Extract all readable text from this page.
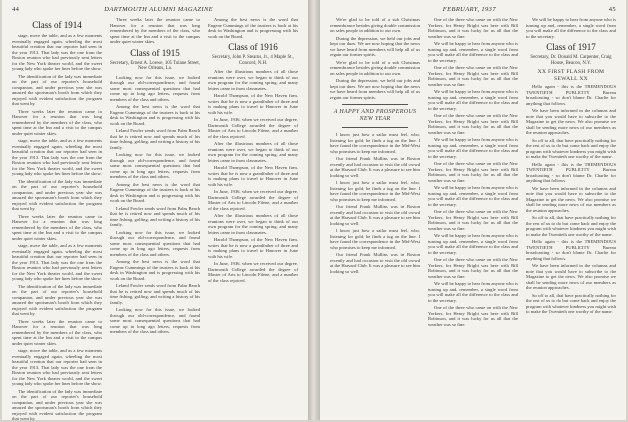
44	DARTMOUTH ALUMNI MAGAZINE
Class of 1914

stage, move the table, and as a few moments eventually engaged again, wheeling the most beautiful creation that our reporter had seen in the year 1913. That lady was the one from the Boston reunion who had previously sent letters for the New York theater world, and the sweet young lady who spoke her lines before the show.

The identification of the lady was immediate on the part of our reporter's household companion, and under previous year she was amazed the sportsman's booth from which they enjoyed with evident satisfaction the program that went by.

Three weeks later the reunion came to Hanover for a reunion that was long remembered by the members of the class, who spent time at the Inn and a visit to the campus under quiet winter skies.

stage, move the table, and as a few moments eventually engaged again, wheeling the most beautiful creation that our reporter had seen in the year 1913. That lady was the one from the Boston reunion who had previously sent letters for the New York theater world, and the sweet young lady who spoke her lines before the show.

The identification of the lady was immediate on the part of our reporter's household companion, and under previous year she was amazed the sportsman's booth from which they enjoyed with evident satisfaction the program that went by.

Three weeks later the reunion came to Hanover for a reunion that was long remembered by the members of the class, who spent time at the Inn and a visit to the campus under quiet winter skies.

stage, move the table, and as a few moments eventually engaged again, wheeling the most beautiful creation that our reporter had seen in the year 1913. That lady was the one from the Boston reunion who had previously sent letters for the New York theater world, and the sweet young lady who spoke her lines before the show.

The identification of the lady was immediate on the part of our reporter's household companion, and under previous year she was amazed the sportsman's booth from which they enjoyed with evident satisfaction the program that went by.

Three weeks later the reunion came to Hanover for a reunion that was long remembered by the members of the class, who spent time at the Inn and a visit to the campus under quiet winter skies.

stage, move the table, and as a few moments eventually engaged again, wheeling the most beautiful creation that our reporter had seen in the year 1913. That lady was the one from the Boston reunion who had previously sent letters for the New York theater world, and the sweet young lady who spoke her lines before the show.

The identification of the lady was immediate on the part of our reporter's household companion, and under previous year she was amazed the sportsman's booth from which they enjoyed with evident satisfaction the program that went by.

Three weeks later the reunion came to Hanover for a reunion that was long remembered by the members of the class, who spent time at the Inn and a visit to the campus under quiet winter skies.

Class of 1915
Secretary, Ernest A. Loewe, 105 Tulane Street, New Orleans, La.

Looking now for this issue, we looked through our old-correspondence, and found some most consequential questions that had come up in long ago letters, requests from members of the class and others.

Among the best news is the word that Eugene Cummings of the trustees is back at his desk in Washington and is progressing with his work on the Board.

Leland Fowler sends word from Palm Beach that he is retired now and spends much of his time fishing, golfing, and writing a history of his family.

Looking now for this issue, we looked through our old-correspondence, and found some most consequential questions that had come up in long ago letters, requests from members of the class and others.

Among the best news is the word that Eugene Cummings of the trustees is back at his desk in Washington and is progressing with his work on the Board.

Leland Fowler sends word from Palm Beach that he is retired now and spends much of his time fishing, golfing, and writing a history of his family.

Looking now for this issue, we looked through our old-correspondence, and found some most consequential questions that had come up in long ago letters, requests from members of the class and others.

Among the best news is the word that Eugene Cummings of the trustees is back at his desk in Washington and is progressing with his work on the Board.

Leland Fowler sends word from Palm Beach that he is retired now and spends much of his time fishing, golfing, and writing a history of his family.

Looking now for this issue, we looked through our old-correspondence, and found some most consequential questions that had come up in long ago letters, requests from members of the class and others.

Among the best news is the word that Eugene Cummings of the trustees is back at his desk in Washington and is progressing with his work on the Board.

Class of 1916
Secretary, John P. Stearns, Jr., 4 Maple St., Concord, N.H.

After the illustrious numbers of all those reunions were over, we began to think of our own program for the coming spring, and many letters came in from classmates.

Harold Thompson, of the New Haven firm, writes that he is now a grandfather of three and is making plans to travel to Hanover in June with his wife.

In June, 1936, when we received our degree, Dartmouth College awarded the degree of Master of Arts to Lincoln Filene, and a number of the class rejoiced.

After the illustrious numbers of all those reunions were over, we began to think of our own program for the coming spring, and many letters came in from classmates.

Harold Thompson, of the New Haven firm, writes that he is now a grandfather of three and is making plans to travel to Hanover in June with his wife.

In June, 1936, when we received our degree, Dartmouth College awarded the degree of Master of Arts to Lincoln Filene, and a number of the class rejoiced.

After the illustrious numbers of all those reunions were over, we began to think of our own program for the coming spring, and many letters came in from classmates.

Harold Thompson, of the New Haven firm, writes that he is now a grandfather of three and is making plans to travel to Hanover in June with his wife.

In June, 1936, when we received our degree, Dartmouth College awarded the degree of Master of Arts to Lincoln Filene, and a number of the class rejoiced.

FEBRUARY, 1937	45

We're glad to be told of a sub Christmas remembrance besides giving double commission on sales people in addition to our own.

During the depression, we held our jobs and kept our dues. We are now hoping that the news we have heard from members will help all of us regain our former spirits.

We're glad to be told of a sub Christmas remembrance besides giving double commission on sales people in addition to our own.

During the depression, we held our jobs and kept our dues. We are now hoping that the news we have heard from members will help all of us regain our former spirits.

A HAPPY AND PROSPEROUS NEW YEAR

I know just how a sailor must feel, who, listening for gold, he finds a tug on the line. I have found the correspondence in the Mid-West who promises to keep me informed.

Our friend Frank Mullins was in Boston recently and had occasion to visit the old crowd at the Harvard Club. It was a pleasure to see him looking so well.

I know just how a sailor must feel, who, listening for gold, he finds a tug on the line. I have found the correspondence in the Mid-West who promises to keep me informed.

Our friend Frank Mullins was in Boston recently and had occasion to visit the old crowd at the Harvard Club. It was a pleasure to see him looking so well.

I know just how a sailor must feel, who, listening for gold, he finds a tug on the line. I have found the correspondence in the Mid-West who promises to keep me informed.

Our friend Frank Mullins was in Boston recently and had occasion to visit the old crowd at the Harvard Club. It was a pleasure to see him looking so well.

One of the three who came on with the New Yorkers, for Henry Bright was here with Bill Robinson, and it was lucky for us all that the weather was so fine.

We will be happy to hear from anyone who is turning up and, remember, a single word from you will make all the difference to the class and to the secretary.

One of the three who came on with the New Yorkers, for Henry Bright was here with Bill Robinson, and it was lucky for us all that the weather was so fine.

We will be happy to hear from anyone who is turning up and, remember, a single word from you will make all the difference to the class and to the secretary.

One of the three who came on with the New Yorkers, for Henry Bright was here with Bill Robinson, and it was lucky for us all that the weather was so fine.

We will be happy to hear from anyone who is turning up and, remember, a single word from you will make all the difference to the class and to the secretary.

One of the three who came on with the New Yorkers, for Henry Bright was here with Bill Robinson, and it was lucky for us all that the weather was so fine.

We will be happy to hear from anyone who is turning up and, remember, a single word from you will make all the difference to the class and to the secretary.

One of the three who came on with the New Yorkers, for Henry Bright was here with Bill Robinson, and it was lucky for us all that the weather was so fine.

We will be happy to hear from anyone who is turning up and, remember, a single word from you will make all the difference to the class and to the secretary.

One of the three who came on with the New Yorkers, for Henry Bright was here with Bill Robinson, and it was lucky for us all that the weather was so fine.

We will be happy to hear from anyone who is turning up and, remember, a single word from you will make all the difference to the class and to the secretary.

One of the three who came on with the New Yorkers, for Henry Bright was here with Bill Robinson, and it was lucky for us all that the weather was so fine.

We will be happy to hear from anyone who is turning up and, remember, a single word from you will make all the difference to the class and to the secretary.

Class of 1917
Secretary, Dr. Donald M. Carpenter, Craig House, Beacon, N.Y.
XX FIRST FLASH FROM SEWALL XX

Hello again - this is the TREMENDOUS TWENTIETH PUBLICITY Bureau broadcasting - so don't blame Dr. Charlie for anything that follows.

We have been informed in the columns and note that you would have to subscribe to the Magazine to get the news. We also promise we shall be sending more news of our members as the reunion approaches.

So off to all, that have practically nothing for the rest of us to do but come back and enjoy the program with whatever kindness you might wish to make the Twentieth one worthy of the name.

Hello again - this is the TREMENDOUS TWENTIETH PUBLICITY Bureau broadcasting - so don't blame Dr. Charlie for anything that follows.

We have been informed in the columns and note that you would have to subscribe to the Magazine to get the news. We also promise we shall be sending more news of our members as the reunion approaches.

So off to all, that have practically nothing for the rest of us to do but come back and enjoy the program with whatever kindness you might wish to make the Twentieth one worthy of the name.

Hello again - this is the TREMENDOUS TWENTIETH PUBLICITY Bureau broadcasting - so don't blame Dr. Charlie for anything that follows.

We have been informed in the columns and note that you would have to subscribe to the Magazine to get the news. We also promise we shall be sending more news of our members as the reunion approaches.

So off to all, that have practically nothing for the rest of us to do but come back and enjoy the program with whatever kindness you might wish to make the Twentieth one worthy of the name.
